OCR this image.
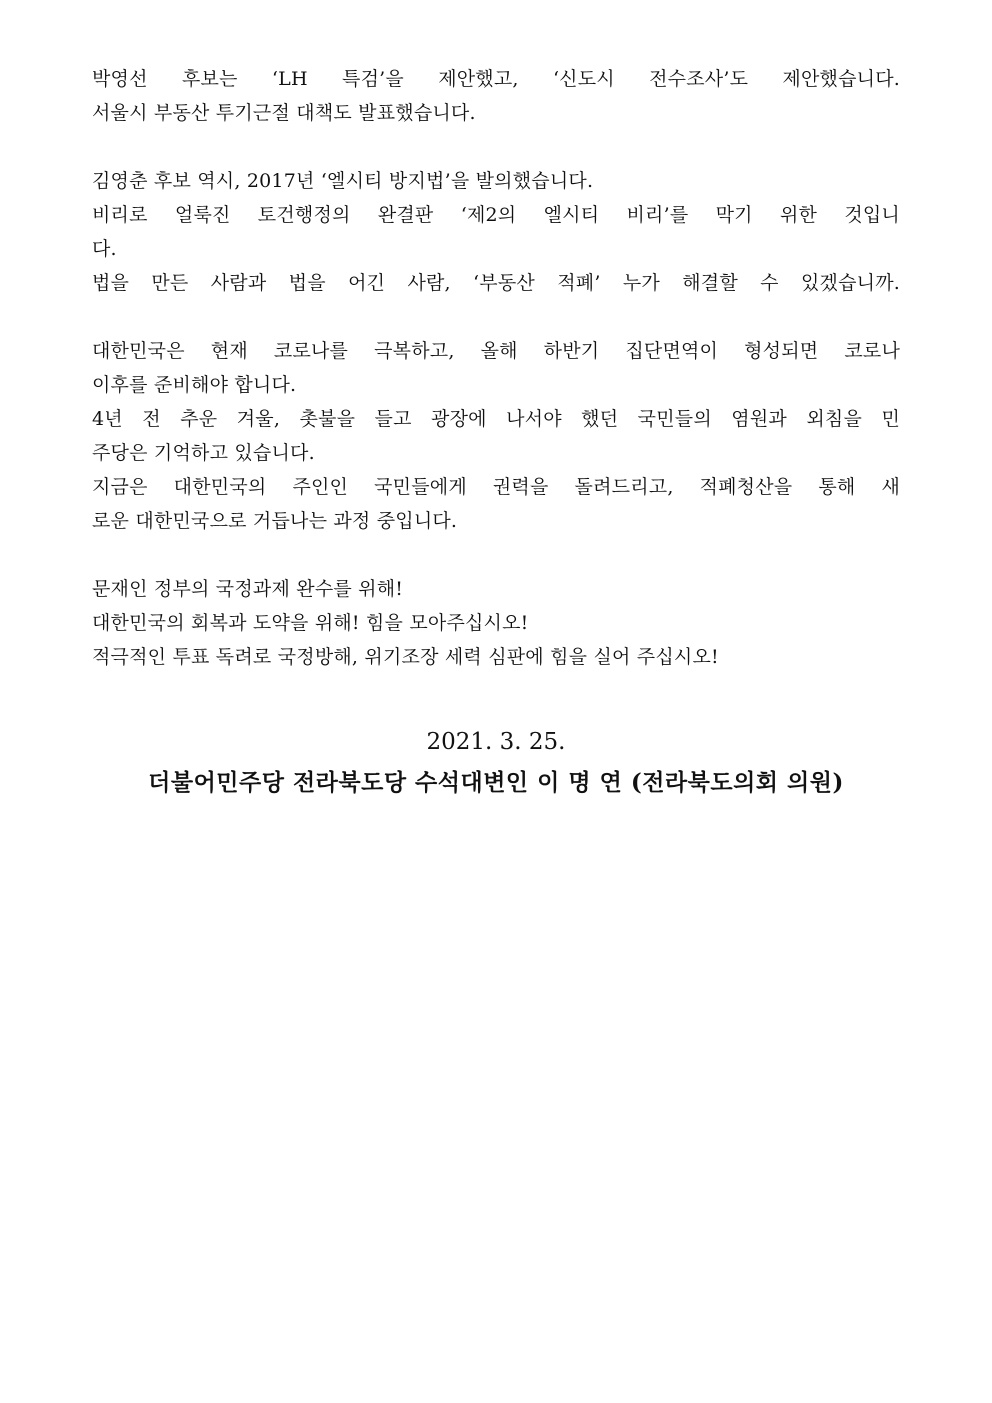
박영선 후보는 ‘LH 특검’을 제안했고, ‘신도시 전수조사’도 제안했습니다.
서울시 부동산 투기근절 대책도 발표했습니다.
김영춘 후보 역시, 2017년 ‘엘시티 방지법’을 발의했습니다.
비리로 얼룩진 토건행정의 완결판 ‘제2의 엘시티 비리’를 막기 위한 것입니
다.
법을 만든 사람과 법을 어긴 사람, ‘부동산 적폐’ 누가 해결할 수 있겠습니까.
대한민국은 현재 코로나를 극복하고, 올해 하반기 집단면역이 형성되면 코로나
이후를 준비해야 합니다.
4년 전 추운 겨울, 촛불을 들고 광장에 나서야 했던 국민들의 염원과 외침을 민
주당은 기억하고 있습니다.
지금은 대한민국의 주인인 국민들에게 권력을 돌려드리고, 적폐청산을 통해 새
로운 대한민국으로 거듭나는 과정 중입니다.
문재인 정부의 국정과제 완수를 위해!
대한민국의 회복과 도약을 위해! 힘을 모아주십시오!
적극적인 투표 독려로 국정방해, 위기조장 세력 심판에 힘을 실어 주십시오!
2021. 3. 25.
더불어민주당 전라북도당 수석대변인 이 명 연 (전라북도의회 의원)
